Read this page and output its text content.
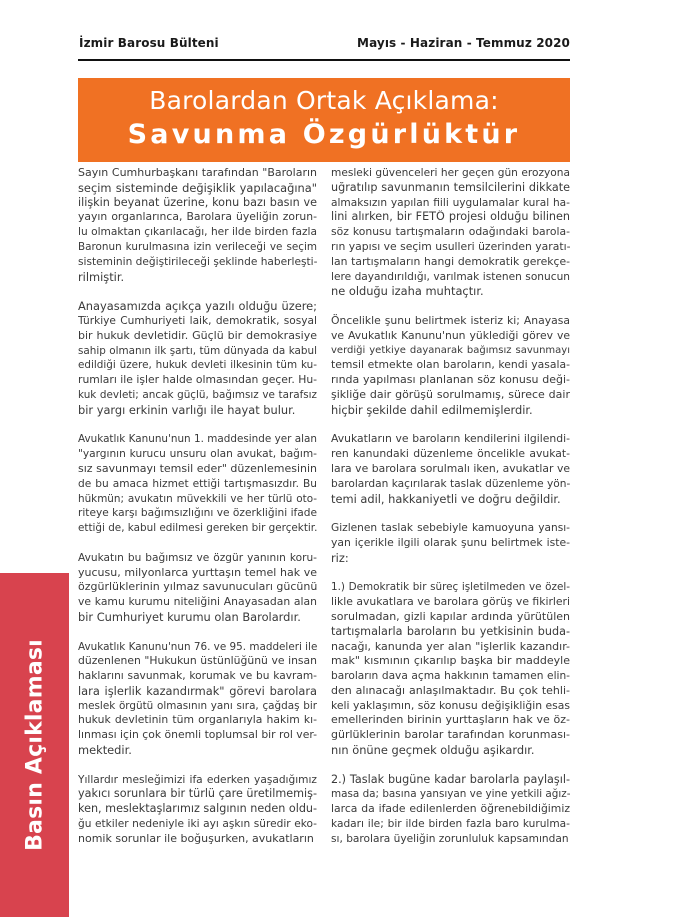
İzmir Barosu Bülteni	Mayıs - Haziran - Temmuz 2020
Barolardan Ortak Açıklama:
Savunma Özgürlüktür
Sayın Cumhurbaşkanı tarafından "Baroların
seçim sisteminde değişiklik yapılacağına"
ilişkin beyanat üzerine, konu bazı basın ve
yayın organlarınca, Barolara üyeliğin zorun-
lu olmaktan çıkarılacağı, her ilde birden fazla
Baronun kurulmasına izin verileceği ve seçim
sisteminin değiştirileceği şeklinde haberleşti-
rilmiştir.
Anayasamızda açıkça yazılı olduğu üzere;
Türkiye Cumhuriyeti laik, demokratik, sosyal
bir hukuk devletidir. Güçlü bir demokrasiye
sahip olmanın ilk şartı, tüm dünyada da kabul
edildiği üzere, hukuk devleti ilkesinin tüm ku-
rumları ile işler halde olmasından geçer. Hu-
kuk devleti; ancak güçlü, bağımsız ve tarafsız
bir yargı erkinin varlığı ile hayat bulur.
Avukatlık Kanunu'nun 1. maddesinde yer alan
"yargının kurucu unsuru olan avukat, bağım-
sız savunmayı temsil eder" düzenlemesinin
de bu amaca hizmet ettiği tartışmasızdır. Bu
hükmün; avukatın müvekkili ve her türlü oto-
riteye karşı bağımsızlığını ve özerkliğini ifade
ettiği de, kabul edilmesi gereken bir gerçektir.
Avukatın bu bağımsız ve özgür yanının koru-
yucusu, milyonlarca yurttaşın temel hak ve
özgürlüklerinin yılmaz savunucuları gücünü
ve kamu kurumu niteliğini Anayasadan alan
bir Cumhuriyet kurumu olan Barolardır.
Avukatlık Kanunu'nun 76. ve 95. maddeleri ile
düzenlenen "Hukukun üstünlüğünü ve insan
haklarını savunmak, korumak ve bu kavram-
lara işlerlik kazandırmak" görevi barolara
meslek örgütü olmasının yanı sıra, çağdaş bir
hukuk devletinin tüm organlarıyla hakim kı-
lınması için çok önemli toplumsal bir rol ver-
mektedir.
Yıllardır mesleğimizi ifa ederken yaşadığımız
yakıcı sorunlara bir türlü çare üretilmemiş-
ken, meslektaşlarımız salgının neden oldu-
ğu etkiler nedeniyle iki ayı aşkın süredir eko-
nomik sorunlar ile boğuşurken, avukatların
mesleki güvenceleri her geçen gün erozyona
uğratılıp savunmanın temsilcilerini dikkate
almaksızın yapılan fiili uygulamalar kural ha-
lini alırken, bir FETÖ projesi olduğu bilinen
söz konusu tartışmaların odağındaki barola-
rın yapısı ve seçim usulleri üzerinden yaratı-
lan tartışmaların hangi demokratik gerekçe-
lere dayandırıldığı, varılmak istenen sonucun
ne olduğu izaha muhtaçtır.
Öncelikle şunu belirtmek isteriz ki; Anayasa
ve Avukatlık Kanunu'nun yüklediği görev ve
verdiği yetkiye dayanarak bağımsız savunmayı
temsil etmekte olan baroların, kendi yasala-
rında yapılması planlanan söz konusu deği-
şikliğe dair görüşü sorulmamış, sürece dair
hiçbir şekilde dahil edilmemişlerdir.
Avukatların ve baroların kendilerini ilgilendi-
ren kanundaki düzenleme öncelikle avukat-
lara ve barolara sorulmalı iken, avukatlar ve
barolardan kaçırılarak taslak düzenleme yön-
temi adil, hakkaniyetli ve doğru değildir.
Gizlenen taslak sebebiyle kamuoyuna yansı-
yan içerikle ilgili olarak şunu belirtmek iste-
riz:
1.) Demokratik bir süreç işletilmeden ve özel-
likle avukatlara ve barolara görüş ve fikirleri
sorulmadan, gizli kapılar ardında yürütülen
tartışmalarla baroların bu yetkisinin buda-
nacağı, kanunda yer alan "işlerlik kazandır-
mak" kısmının çıkarılıp başka bir maddeyle
baroların dava açma hakkının tamamen elin-
den alınacağı anlaşılmaktadır. Bu çok tehli-
keli yaklaşımın, söz konusu değişikliğin esas
emellerinden birinin yurttaşların hak ve öz-
gürlüklerinin barolar tarafından korunması-
nın önüne geçmek olduğu aşikardır.
2.) Taslak bugüne kadar barolarla paylaşıl-
masa da; basına yansıyan ve yine yetkili ağız-
larca da ifade edilenlerden öğrenebildiğimiz
kadarı ile; bir ilde birden fazla baro kurulma-
sı, barolara üyeliğin zorunluluk kapsamından
Basın Açıklaması
